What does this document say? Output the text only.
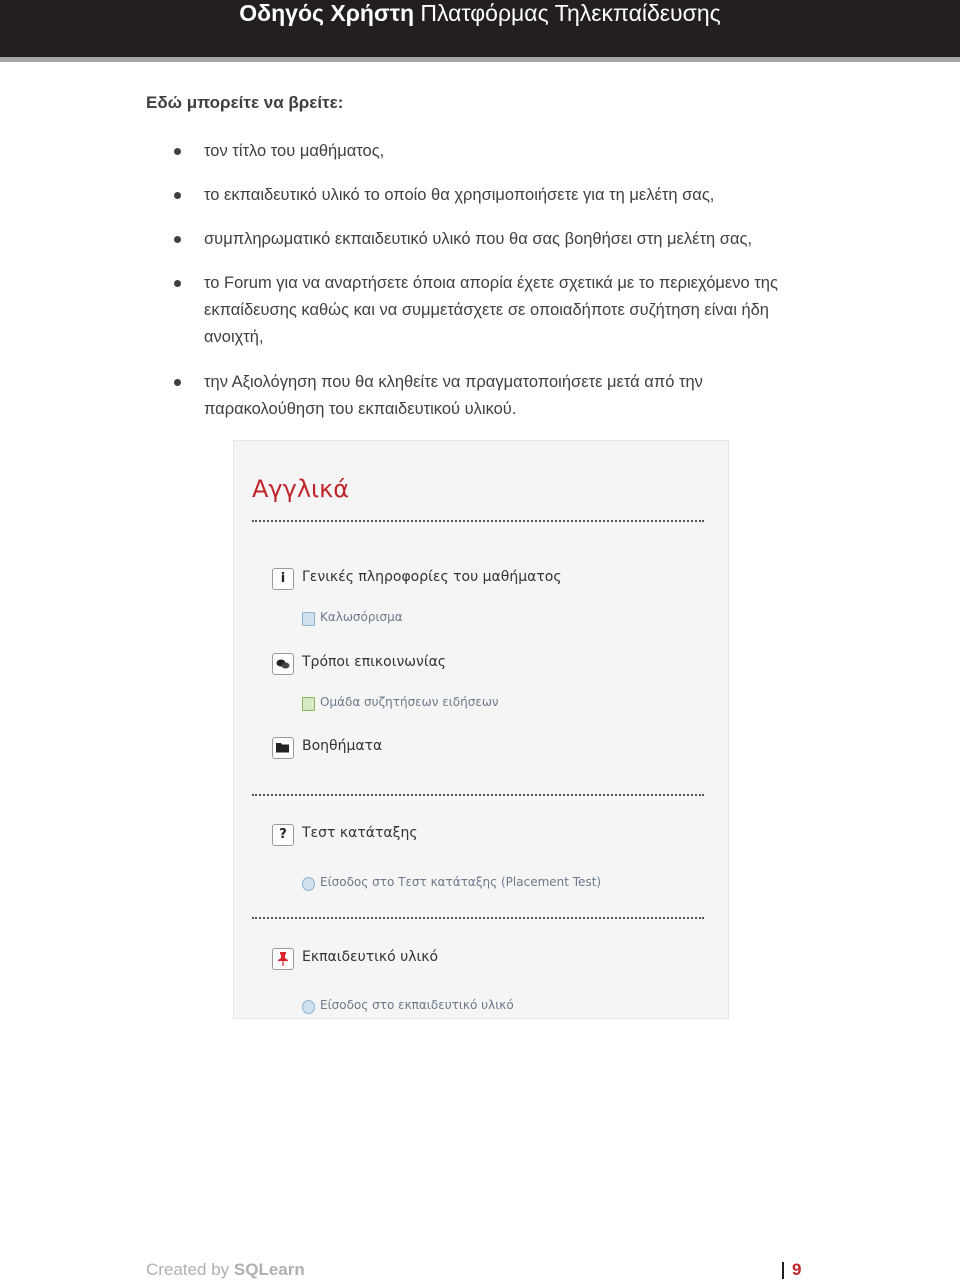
Οδηγός Χρήστη Πλατφόρμας Τηλεκπαίδευσης
Εδώ μπορείτε να βρείτε:
τον τίτλο του μαθήματος,
το εκπαιδευτικό υλικό το οποίο θα χρησιμοποιήσετε για τη μελέτη σας,
συμπληρωματικό εκπαιδευτικό υλικό που θα σας βοηθήσει στη μελέτη σας,
το Forum για να αναρτήσετε όποια απορία έχετε σχετικά με το περιεχόμενο της εκπαίδευσης καθώς και να συμμετάσχετε σε οποιαδήποτε συζήτηση είναι ήδη ανοιχτή,
την Αξιολόγηση που θα κληθείτε να πραγματοποιήσετε μετά από την παρακολούθηση του εκπαιδευτικού υλικού.
Αγγλικά
i	Γενικές πληροφορίες του μαθήματος
Καλωσόρισμα
Τρόποι επικοινωνίας
Ομάδα συζητήσεων ειδήσεων
Βοηθήματα
?	Τεστ κατάταξης
Είσοδος στο Τεστ κατάταξης (Placement Test)
Εκπαιδευτικό υλικό
Είσοδος στο εκπαιδευτικό υλικό
Created by SQLearn	9
